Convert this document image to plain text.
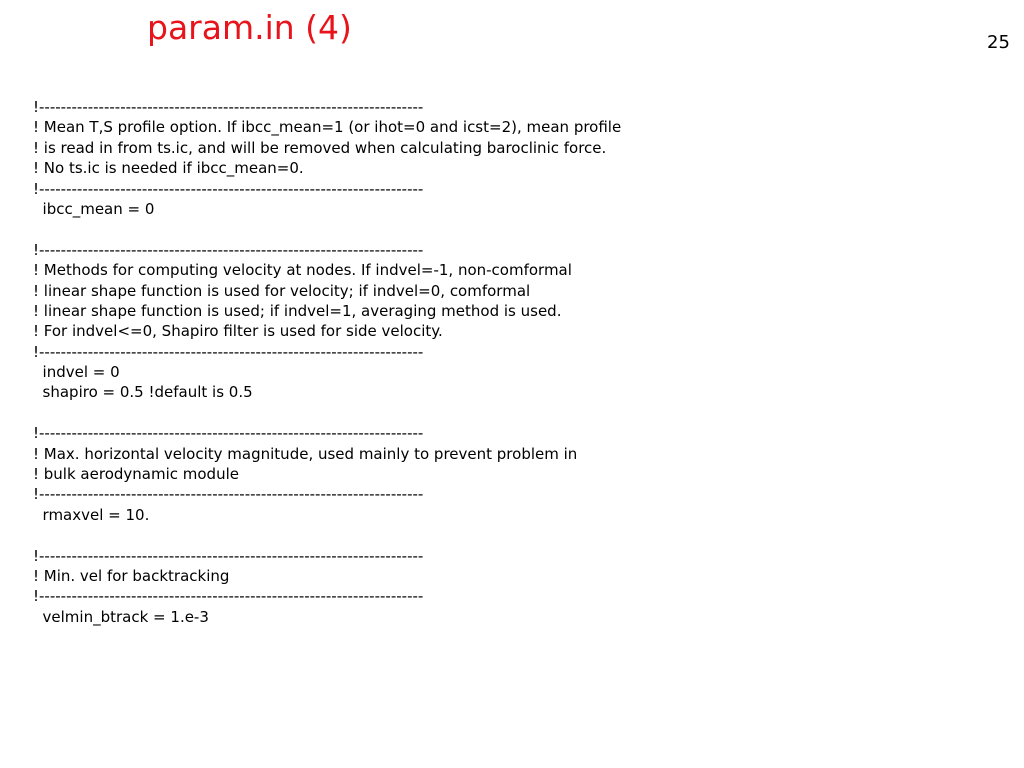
param.in (4)	25
!-----------------------------------------------------------------------
! Mean T,S profile option. If ibcc_mean=1 (or ihot=0 and icst=2), mean profile
! is read in from ts.ic, and will be removed when calculating baroclinic force.
! No ts.ic is needed if ibcc_mean=0.
!-----------------------------------------------------------------------
ibcc_mean = 0
!-----------------------------------------------------------------------
! Methods for computing velocity at nodes. If indvel=-1, non-comformal
! linear shape function is used for velocity; if indvel=0, comformal
! linear shape function is used; if indvel=1, averaging method is used.
! For indvel<=0, Shapiro filter is used for side velocity.
!-----------------------------------------------------------------------
indvel = 0
shapiro = 0.5 !default is 0.5
!-----------------------------------------------------------------------
! Max. horizontal velocity magnitude, used mainly to prevent problem in
! bulk aerodynamic module
!-----------------------------------------------------------------------
rmaxvel = 10.
!-----------------------------------------------------------------------
! Min. vel for backtracking
!-----------------------------------------------------------------------
velmin_btrack = 1.e-3
